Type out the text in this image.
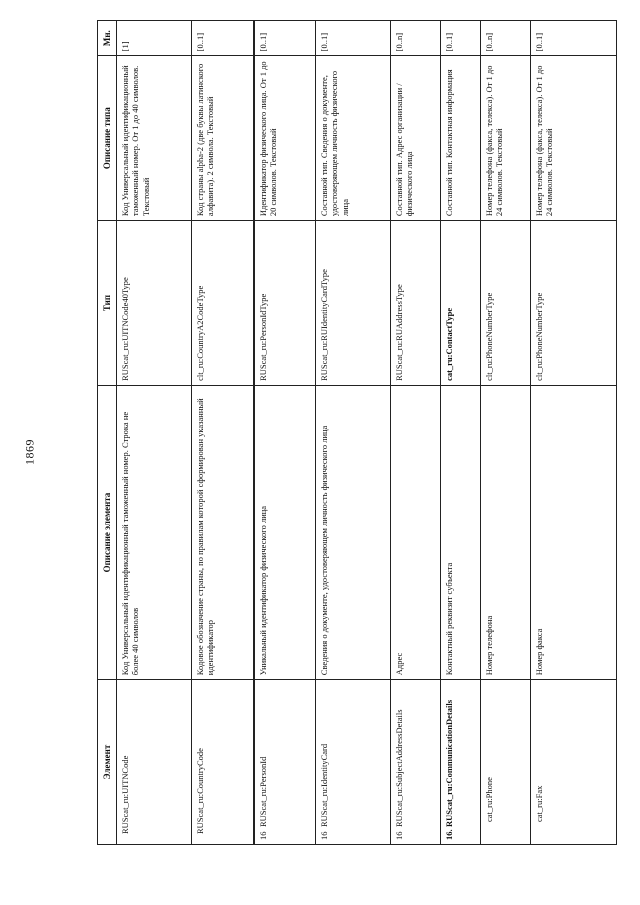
1869
Элемент	Описание элемента	Тип	Описание типа	Мн.
RUScat_ru:UITNCode	Код Универсальный идентификационный таможенный номер. Строка не более 40 символов	RUScat_ru:UITNCode40Type	Код Универсальный идентификационный таможенный номер. От 1 до 40 символов. Текстовый	[1]
RUScat_ru:CountryCode	Кодовое обозначение страны, по правилам которой сформирован указанный идентификатор	clt_ru:CountryA2CodeType	Код страны alpha-2 (две буквы латинского алфавита). 2 символа. Текстовый	[0..1]
16RUScat_ru:PersonId	Уникальный идентификатор физического лица	RUScat_ru:PersonIdType	Идентификатор физического лица. От 1 до 20 символов. Текстовый	[0..1]
16RUScat_ru:IdentityCard	Сведения о документе, удостоверяющем личность физического лица	RUScat_ru:RUIdentityCardType	Составной тип. Сведения о документе, удостоверяющем личность физического лица	[0..1]
16RUScat_ru:SubjectAddressDetails	Адрес	RUScat_ru:RUAddressType	Составной тип. Адрес организации / физического лица	[0..n]
16.RUScat_ru:CommunicationDetails	Контактный реквизит субъекта	cat_ru:ContactType	Составной тип. Контактная информация	[0..1]
cat_ru:Phone	Номер телефона	clt_ru:PhoneNumberType	Номер телефона (факса, телекса). От 1 до 24 символов. Текстовый	[0..n]
cat_ru:Fax	Номер факса	clt_ru:PhoneNumberType	Номер телефона (факса, телекса). От 1 до 24 символов. Текстовый	[0..1]
